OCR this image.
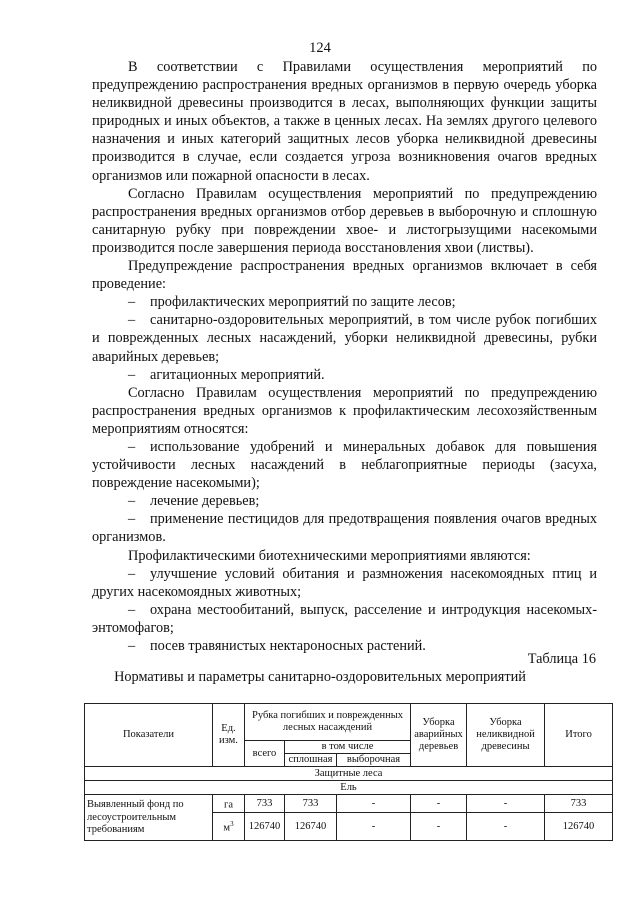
124

В соответствии с Правилами осуществления мероприятий по предупреждению распространения вредных организмов в первую очередь уборка неликвидной древесины производится в лесах, выполняющих функции защиты природных и иных объектов, а также в ценных лесах. На землях другого целевого назначения и иных категорий защитных лесов уборка неликвидной древесины производится в случае, если создается угроза возникновения очагов вредных организмов или пожарной опасности в лесах.

Согласно Правилам осуществления мероприятий по предупреждению распространения вредных организмов отбор деревьев в выборочную и сплошную санитарную рубку при повреждении хвое- и листогрызущими насекомыми производится после завершения периода восстановления хвои (листвы).

Предупреждение распространения вредных организмов включает в себя проведение:

– профилактических мероприятий по защите лесов;

– санитарно-оздоровительных мероприятий, в том числе рубок погибших и поврежденных лесных насаждений, уборки неликвидной древесины, рубки аварийных деревьев;

– агитационных мероприятий.

Согласно Правилам осуществления мероприятий по предупреждению распространения вредных организмов к профилактическим лесохозяйственным мероприятиям относятся:

– использование удобрений и минеральных добавок для повышения устойчивости лесных насаждений в неблагоприятные периоды (засуха, повреждение насекомыми);

– лечение деревьев;

– применение пестицидов для предотвращения появления очагов вредных организмов.

Профилактическими биотехническими мероприятиями являются:

– улучшение условий обитания и размножения насекомоядных птиц и других насекомоядных животных;

– охрана местообитаний, выпуск, расселение и интродукция насекомых-энтомофагов;

– посев травянистых нектароносных растений.

Таблица 16
Нормативы и параметры санитарно-оздоровительных мероприятий
Показатели	Ед. изм.	Рубка погибших и поврежденных лесных насаждений			Уборка аварийных деревьев	Уборка неликвидной древесины	Итого

		всего	в том числе				
			сплошная	выборочная			
Защитные леса							
Ель							
Выявленный фонд по лесоустроительным требованиям	га	733	733	-	-	-	733
	$м^3$	126740	126740	-	-	-	126740
